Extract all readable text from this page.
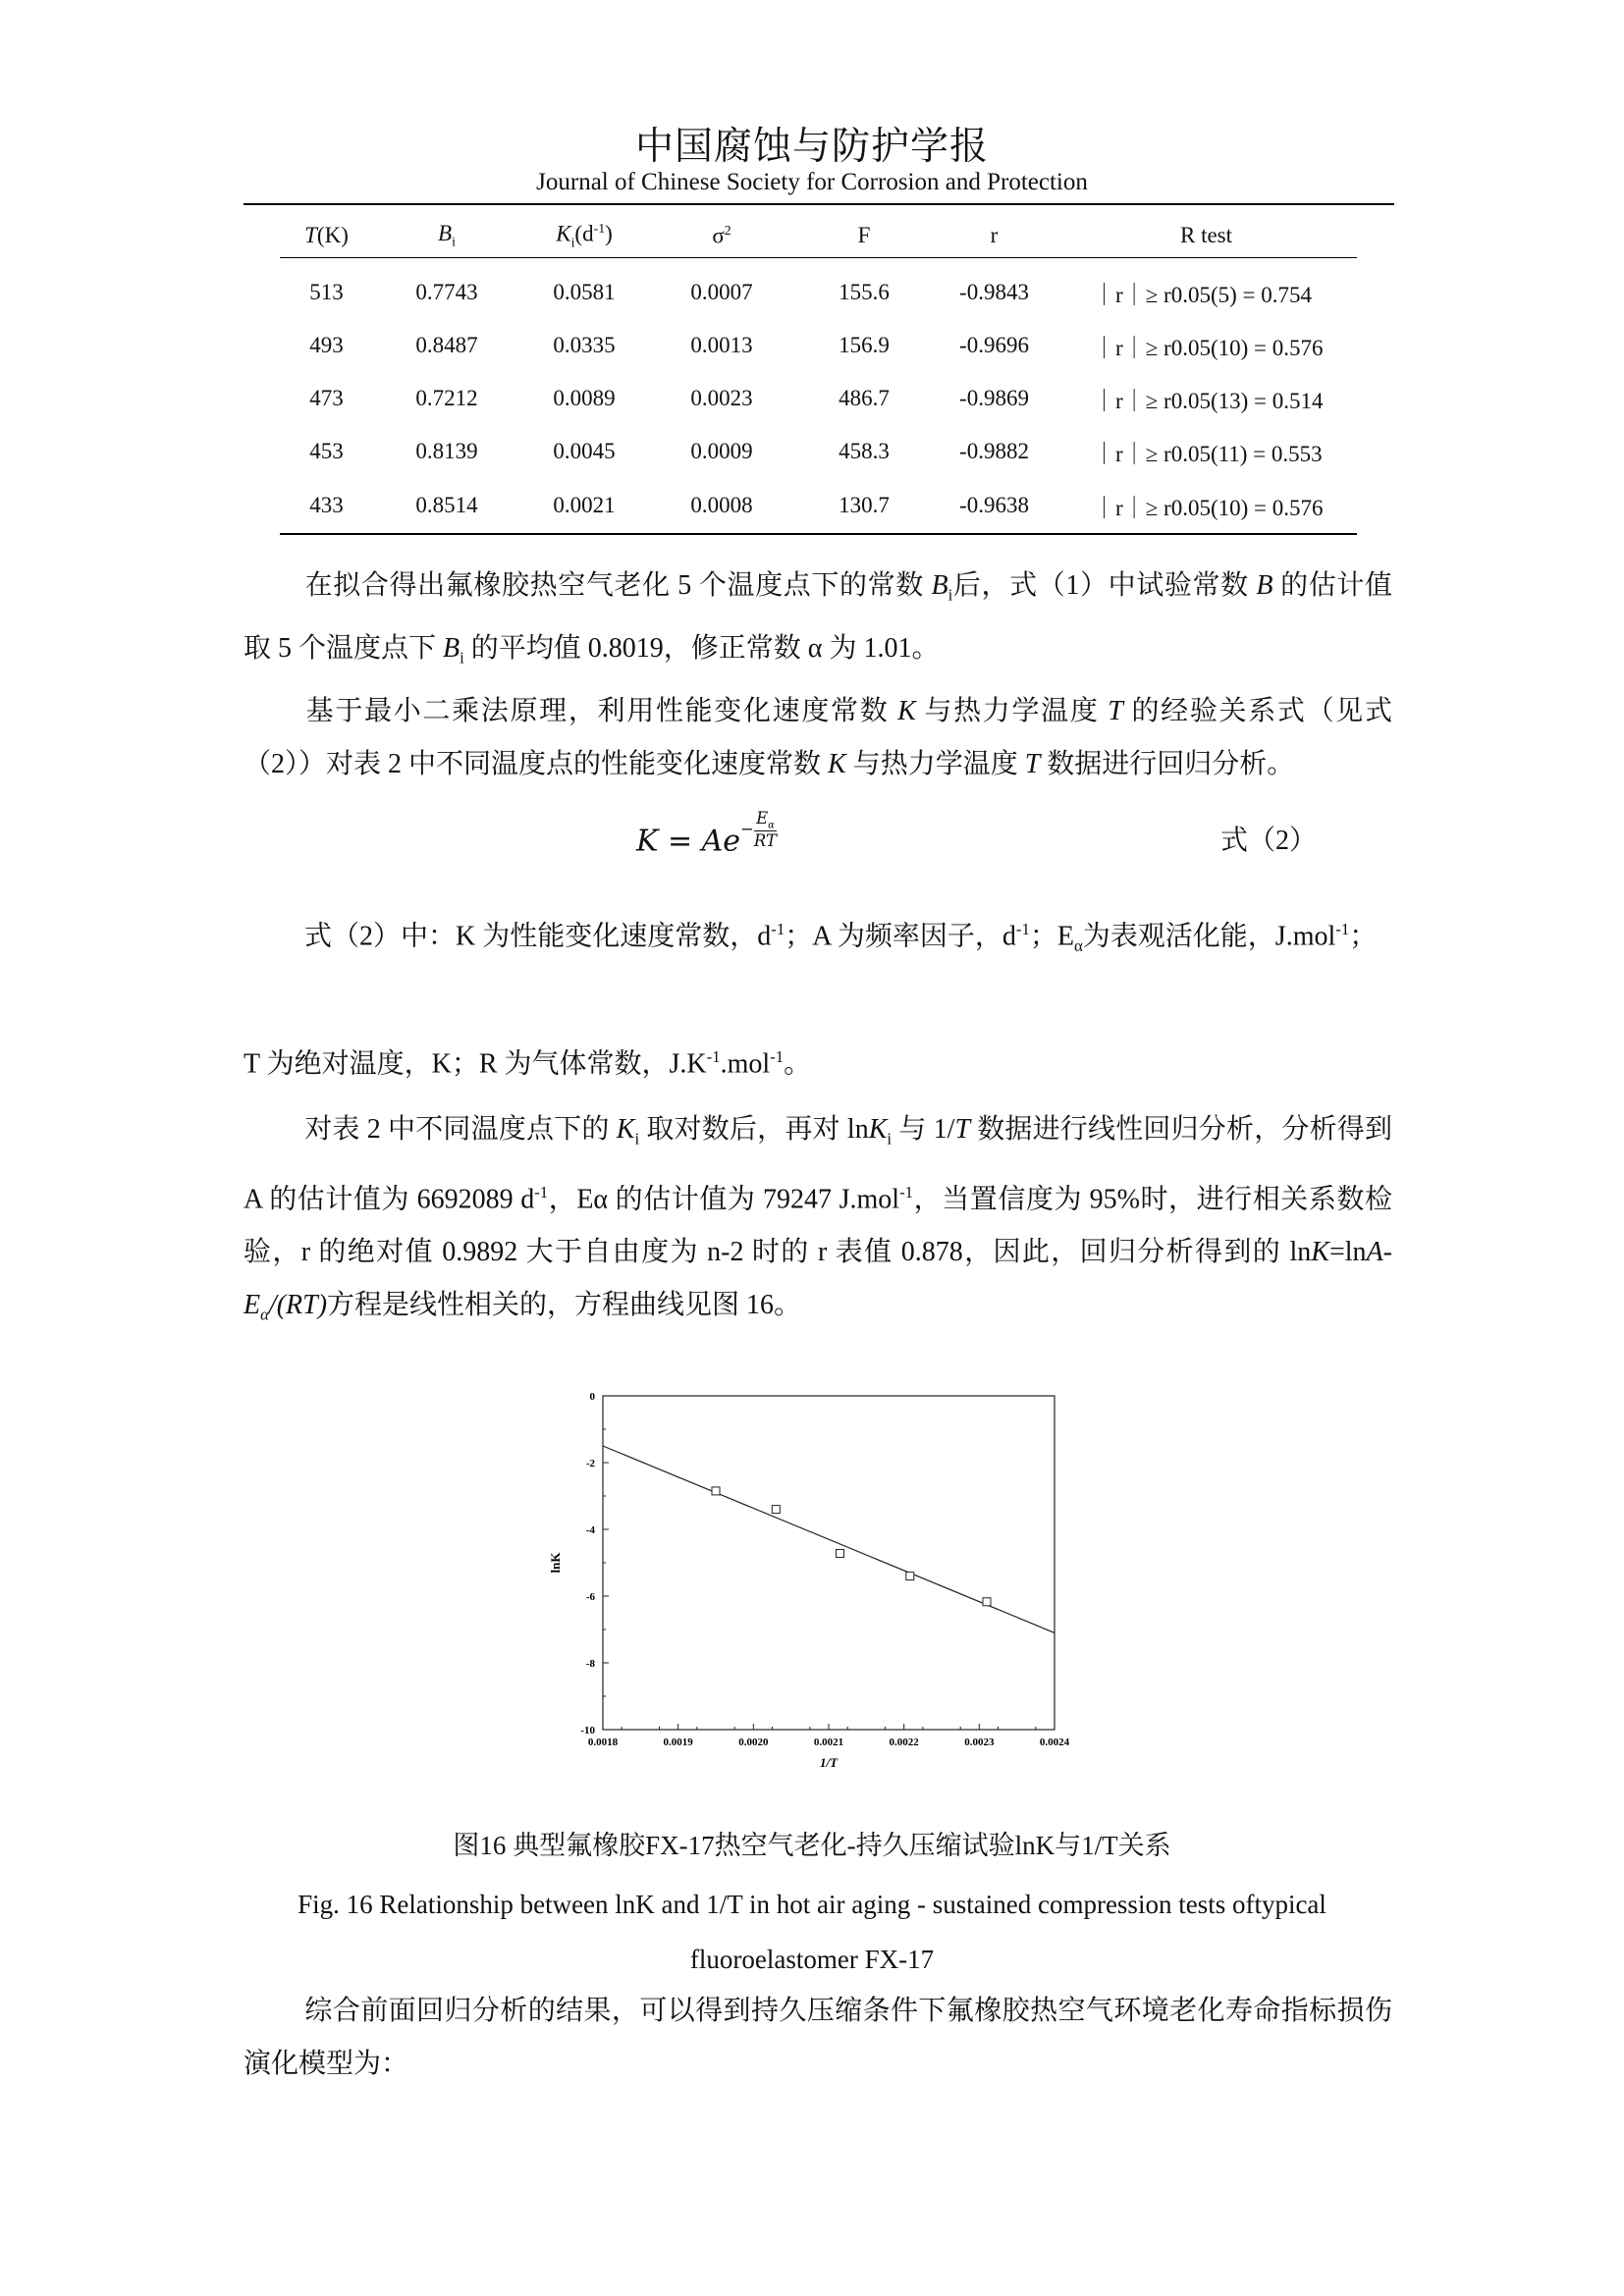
中国腐蚀与防护学报
Journal of Chinese Society for Corrosion and Protection
T(K)	$B_i$	$K_i(d^{-1})$	$\sigma^2$	F	r	R test
513	0.7743	0.0581	0.0007	155.6	-0.9843	｜r｜≥ r0.05(5) = 0.754
493	0.8487	0.0335	0.0013	156.9	-0.9696	｜r｜≥ r0.05(10) = 0.576
473	0.7212	0.0089	0.0023	486.7	-0.9869	｜r｜≥ r0.05(13) = 0.514
453	0.8139	0.0045	0.0009	458.3	-0.9882	｜r｜≥ r0.05(11) = 0.553
433	0.8514	0.0021	0.0008	130.7	-0.9638	｜r｜≥ r0.05(10) = 0.576
在拟合得出氟橡胶热空气老化 5 个温度点下的常数 $B_i$后，式（1）中试验常数 B 的估计值取 5 个温度点下 $B_i$ 的平均值 0.8019，修正常数 α 为 1.01。
基于最小二乘法原理，利用性能变化速度常数 K 与热力学温度 T 的经验关系式（见式（2））对表 2 中不同温度点的性能变化速度常数 K 与热力学温度 T 数据进行回归分析。
$K = Ae^{- \frac{E_\alpha}{RT}}$	式（2）
式（2）中：K 为性能变化速度常数，$d^{-1}$；A 为频率因子，$d^{-1}$；$E_\alpha$为表观活化能，J.mol$^{-1}$；
T 为绝对温度，K；R 为气体常数，$J.K^{-1}.mol^{-1}$。
对表 2 中不同温度点下的 $K_i$ 取对数后，再对 lnK$_i$ 与 1/T 数据进行线性回归分析，分析得到 A 的估计值为 6692089 $d^{-1}$，Eα 的估计值为 79247 J.mol$^{-1}$，当置信度为 95%时，进行相关系数检验，r 的绝对值 0.9892 大于自由度为 n-2 时的 r 表值 0.878，因此，回归分析得到的 $\ln K=\ln A-E_\alpha/(RT)$方程是线性相关的，方程曲线见图 16。
0.0018	0.0019	0.0020	0.0021	0.0022	0.0023	0.0024
0
-2
-4
-6
-8
-10
1/T
lnK
图16 典型氟橡胶FX-17热空气老化-持久压缩试验lnK与1/T关系
Fig. 16 Relationship between lnK and 1/T in hot air aging - sustained compression tests oftypical fluoroelastomer FX-17
综合前面回归分析的结果，可以得到持久压缩条件下氟橡胶热空气环境老化寿命指标损伤演化模型为：
